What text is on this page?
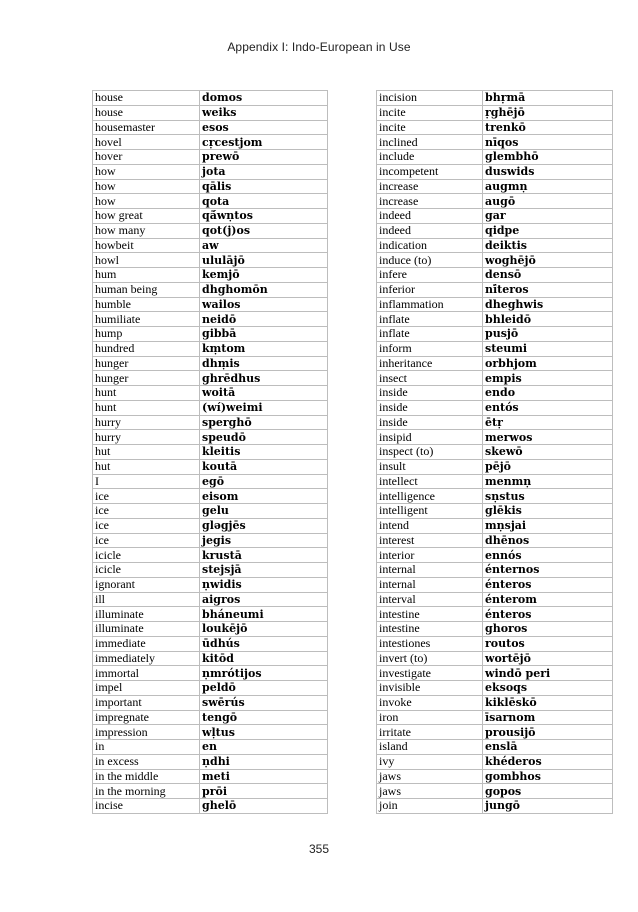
Appendix I: Indo-European in Use
house	domos
house	weiks
housemaster	esos
hovel	cṛcestjom
hover	prewō
how	jota
how	qālis
how	qota
how great	qā́wṇtos
how many	qot(j)os
howbeit	aw
howl	ululājō
hum	kemjō
human being	dhghomōn
humble	wailos
humiliate	neidō
hump	gibbā
hundred	kṃtom
hunger	dhṃis
hunger	ghrēdhus
hunt	woitā
hunt	(wí)weimi
hurry	sperghō
hurry	speudō
hut	kleitis
hut	koutā
I	egō
ice	eisom
ice	gelu
ice	glǝgjēs
ice	jegis
icicle	krustā
icicle	stejsjā
ignorant	ṇwidis
ill	aigros
illuminate	bháneumi
illuminate	loukējō
immediate	ūdhús
immediately	kitōd
immortal	ṇmrótijos
impel	peldō
important	swērús
impregnate	tengō
impression	wḷtus
in	en
in excess	ṇdhi
in the middle	meti
in the morning	prōi
incise	ghelō
incision	bhṛmā
incite	ṛghējō
incite	trenkō
inclined	nīqos
include	glembhō
incompetent	duswids
increase	augmṇ
increase	augō
indeed	gar
indeed	qidpe
indication	deiktis
induce (to)	woghējō
infere	densō
inferior	nī́teros
inflammation	dheghwis
inflate	bhleidō
inflate	pusjō
inform	steumi
inheritance	orbhjom
insect	empis
inside	endo
inside	entós
inside	ētṛ
insipid	merwos
inspect (to)	skewō
insult	pējō
intellect	menmṇ
intelligence	sṇstus
intelligent	glēkis
intend	mṇsjai
interest	dhēnos
interior	ennós
internal	énternos
internal	énteros
interval	énterom
intestine	énteros
intestine	ghoros
intestiones	routos
invert (to)	wortējō
investigate	windō peri
invisible	eksoqs
invoke	kiklēskō
iron	īsarnom
irritate	prousijō
island	enslā
ivy	khéderos
jaws	gombhos
jaws	gopos
join	jungō
355
